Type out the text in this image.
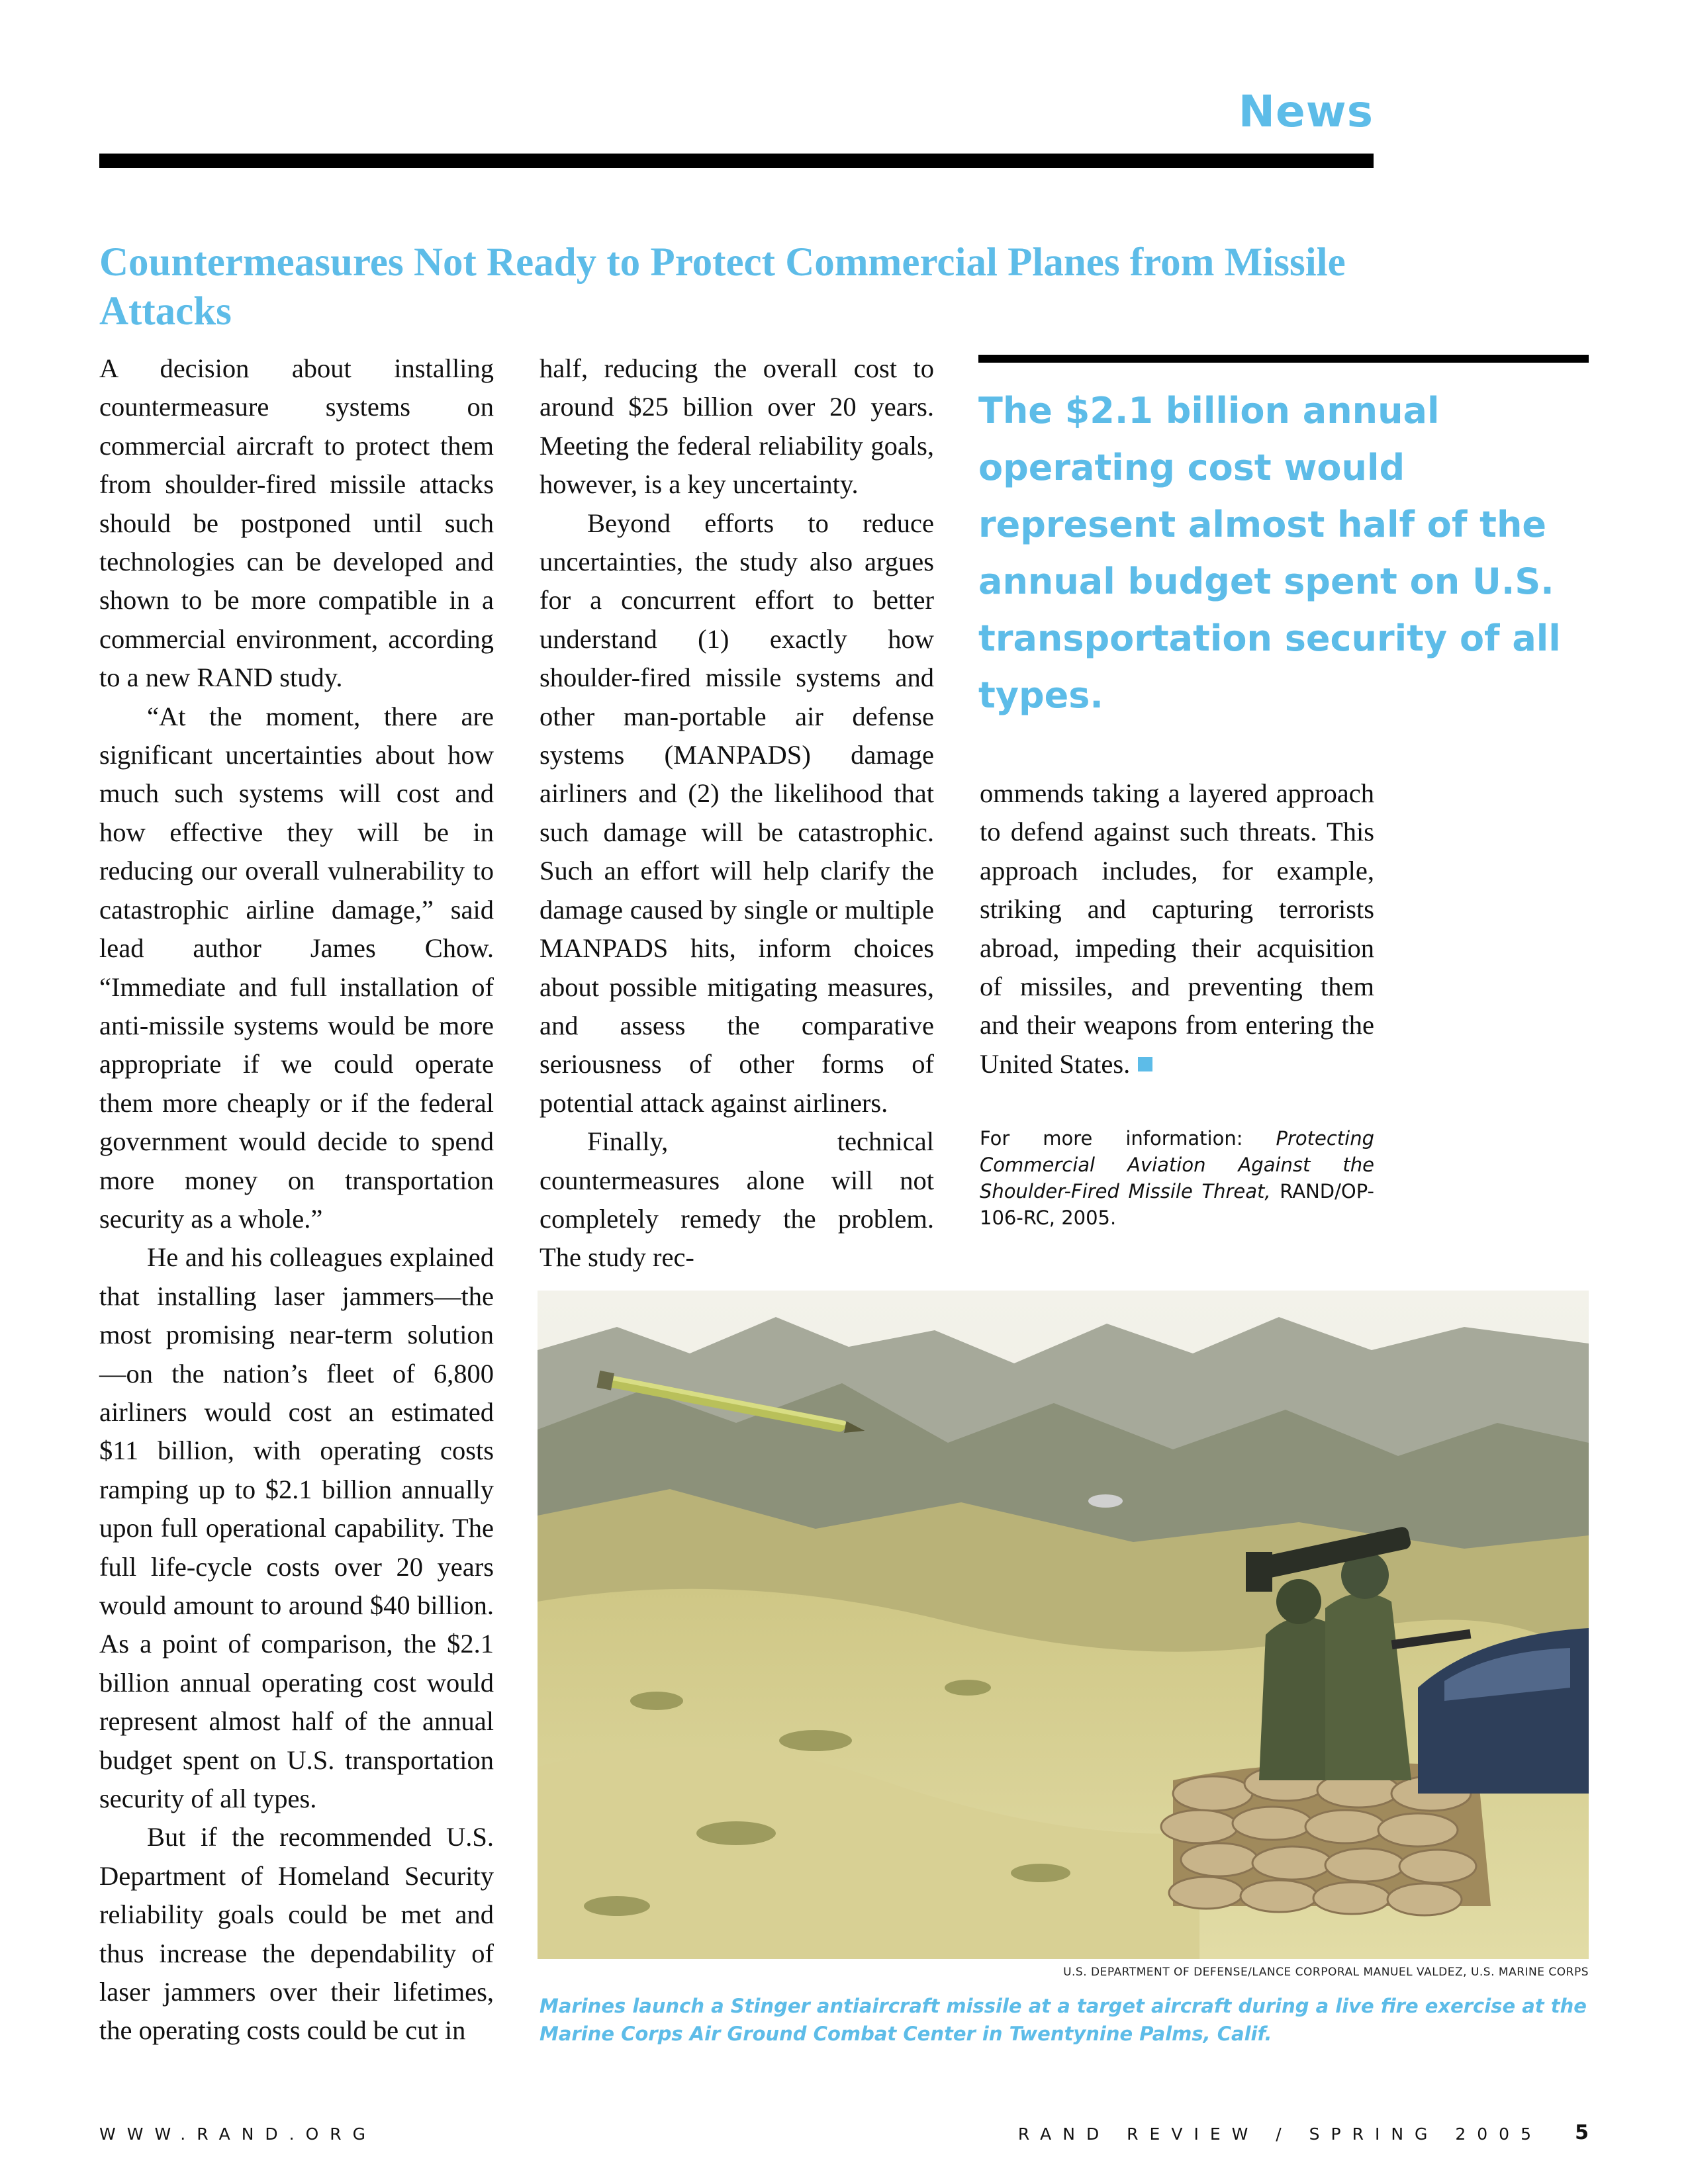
News
Countermeasures Not Ready to Protect Commercial Planes from Missile Attacks

A decision about installing countermeasure systems on commercial aircraft to protect them from shoulder-fired missile attacks should be postponed until such technologies can be developed and shown to be more compatible in a commercial environment, according to a new RAND study.

“At the moment, there are significant uncertainties about how much such systems will cost and how effective they will be in reducing our overall vulnerability to catastrophic airline damage,” said lead author James Chow. “Immediate and full installation of anti-missile systems would be more appropriate if we could operate them more cheaply or if the federal government would decide to spend more money on transportation security as a whole.”

He and his colleagues explained that installing laser jammers—the most promising near-term solution—on the nation’s fleet of 6,800 airliners would cost an estimated $11 billion, with operating costs ramping up to $2.1 billion annually upon full operational capability. The full life-cycle costs over 20 years would amount to around $40 billion. As a point of comparison, the $2.1 billion annual operating cost would represent almost half of the annual budget spent on U.S. transportation security of all types.

But if the recommended U.S. Department of Homeland Security reliability goals could be met and thus increase the dependability of laser jammers over their lifetimes, the operating costs could be cut in

half, reducing the overall cost to around $25 billion over 20 years. Meeting the federal reliability goals, however, is a key uncertainty.

Beyond efforts to reduce uncertainties, the study also argues for a concurrent effort to better understand (1) exactly how shoulder-fired missile systems and other man-portable air defense systems (MANPADS) damage airliners and (2) the likelihood that such damage will be catastrophic. Such an effort will help clarify the damage caused by single or multiple MANPADS hits, inform choices about possible mitigating measures, and assess the comparative seriousness of other forms of potential attack against airliners.

Finally, technical countermeasures alone will not completely remedy the problem. The study rec-

The $2.1 billion annual operating cost would represent almost half of the annual budget spent on U.S. transportation security of all types.

ommends taking a layered approach to defend against such threats. This approach includes, for example, striking and capturing terrorists abroad, impeding their acquisition of missiles, and preventing them and their weapons from entering the United States.

For more information: Protecting Commercial Aviation Against the Shoulder-Fired Missile Threat, RAND/OP-106-RC, 2005.

U.S. DEPARTMENT OF DEFENSE/LANCE CORPORAL MANUEL VALDEZ, U.S. MARINE CORPS

Marines launch a Stinger antiaircraft missile at a target aircraft during a live fire exercise at the Marine Corps Air Ground Combat Center in Twentynine Palms, Calif.

WWW.RAND.ORG	RAND REVIEW / SPRING 2005 5
